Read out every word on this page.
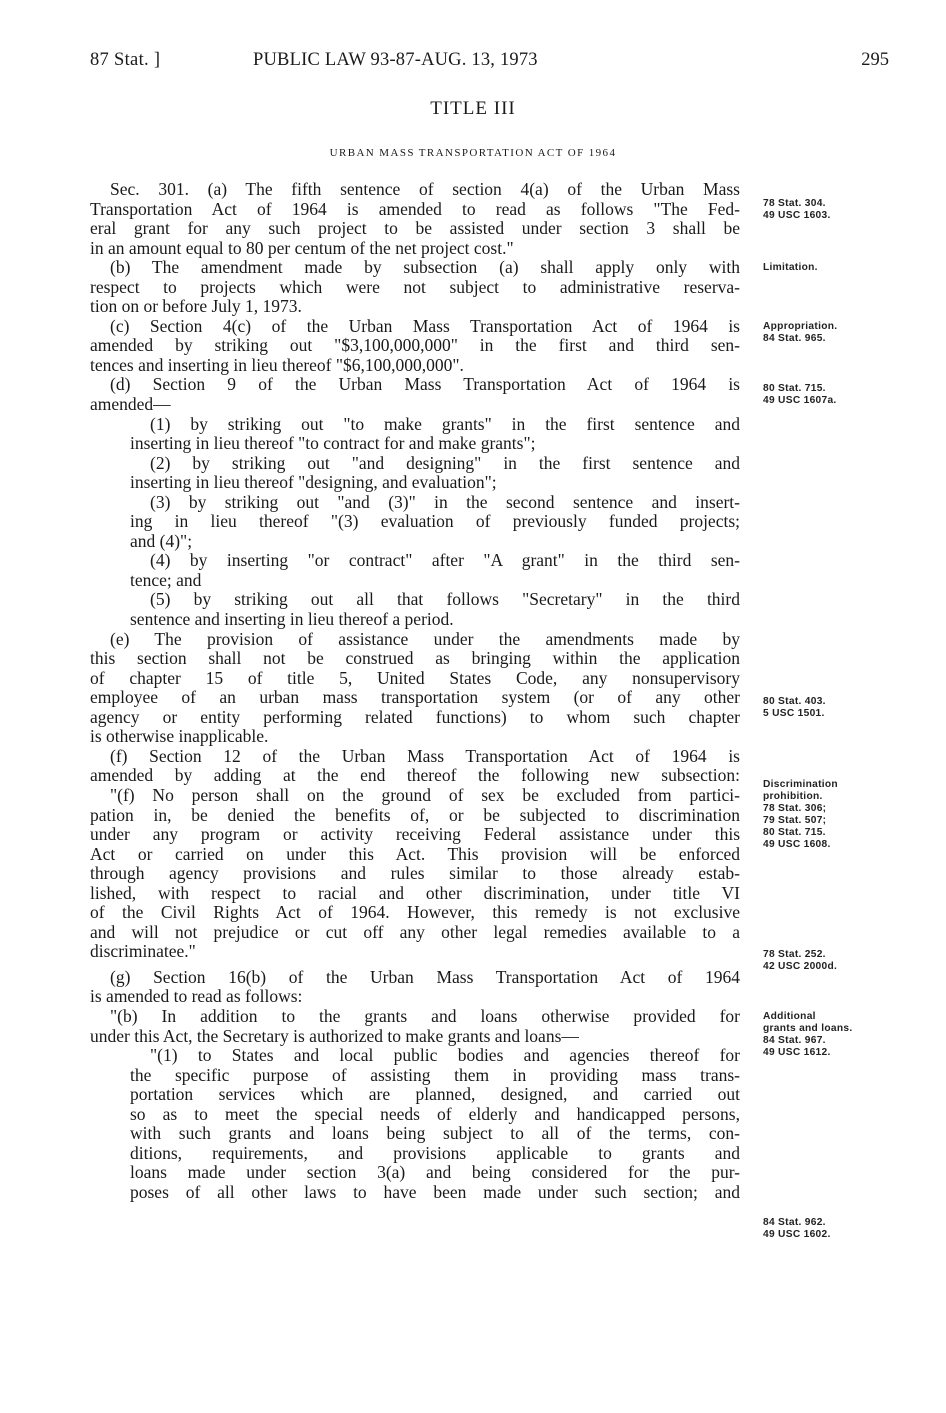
87 Stat. ]	PUBLIC LAW 93-87-AUG. 13, 1973	295
TITLE III
URBAN MASS TRANSPORTATION ACT OF 1964
Sec. 301. (a) The fifth sentence of section 4(a) of the Urban Mass
Transportation Act of 1964 is amended to read as follows "The Fed-
eral grant for any such project to be assisted under section 3 shall be
in an amount equal to 80 per centum of the net project cost."
(b) The amendment made by subsection (a) shall apply only with
respect to projects which were not subject to administrative reserva-
tion on or before July 1, 1973.
(c) Section 4(c) of the Urban Mass Transportation Act of 1964 is
amended by striking out "$3,100,000,000" in the first and third sen-
tences and inserting in lieu thereof "$6,100,000,000".
(d) Section 9 of the Urban Mass Transportation Act of 1964 is
amended—
(1) by striking out "to make grants" in the first sentence and
inserting in lieu thereof "to contract for and make grants";
(2) by striking out "and designing" in the first sentence and
inserting in lieu thereof "designing, and evaluation";
(3) by striking out "and (3)" in the second sentence and insert-
ing in lieu thereof "(3) evaluation of previously funded projects;
and (4)";
(4) by inserting "or contract" after "A grant" in the third sen-
tence; and
(5) by striking out all that follows "Secretary" in the third
sentence and inserting in lieu thereof a period.
(e) The provision of assistance under the amendments made by
this section shall not be construed as bringing within the application
of chapter 15 of title 5, United States Code, any nonsupervisory
employee of an urban mass transportation system (or of any other
agency or entity performing related functions) to whom such chapter
is otherwise inapplicable.
(f) Section 12 of the Urban Mass Transportation Act of 1964 is
amended by adding at the end thereof the following new subsection:
"(f) No person shall on the ground of sex be excluded from partici-
pation in, be denied the benefits of, or be subjected to discrimination
under any program or activity receiving Federal assistance under this
Act or carried on under this Act. This provision will be enforced
through agency provisions and rules similar to those already estab-
lished, with respect to racial and other discrimination, under title VI
of the Civil Rights Act of 1964. However, this remedy is not exclusive
and will not prejudice or cut off any other legal remedies available to a
discriminatee."
(g) Section 16(b) of the Urban Mass Transportation Act of 1964
is amended to read as follows:
"(b) In addition to the grants and loans otherwise provided for
under this Act, the Secretary is authorized to make grants and loans—
"(1) to States and local public bodies and agencies thereof for
the specific purpose of assisting them in providing mass trans-
portation services which are planned, designed, and carried out
so as to meet the special needs of elderly and handicapped persons,
with such grants and loans being subject to all of the terms, con-
ditions, requirements, and provisions applicable to grants and
loans made under section 3(a) and being considered for the pur-
poses of all other laws to have been made under such section; and
78 Stat. 304.
49 USC 1603.
Limitation.
Appropriation.
84 Stat. 965.
80 Stat. 715.
49 USC 1607a.
80 Stat. 403.
5 USC 1501.
Discrimination
prohibition.
78 Stat. 306;
79 Stat. 507;
80 Stat. 715.
49 USC 1608.
78 Stat. 252.
42 USC 2000d.
Additional
grants and loans.
84 Stat. 967.
49 USC 1612.
84 Stat. 962.
49 USC 1602.
